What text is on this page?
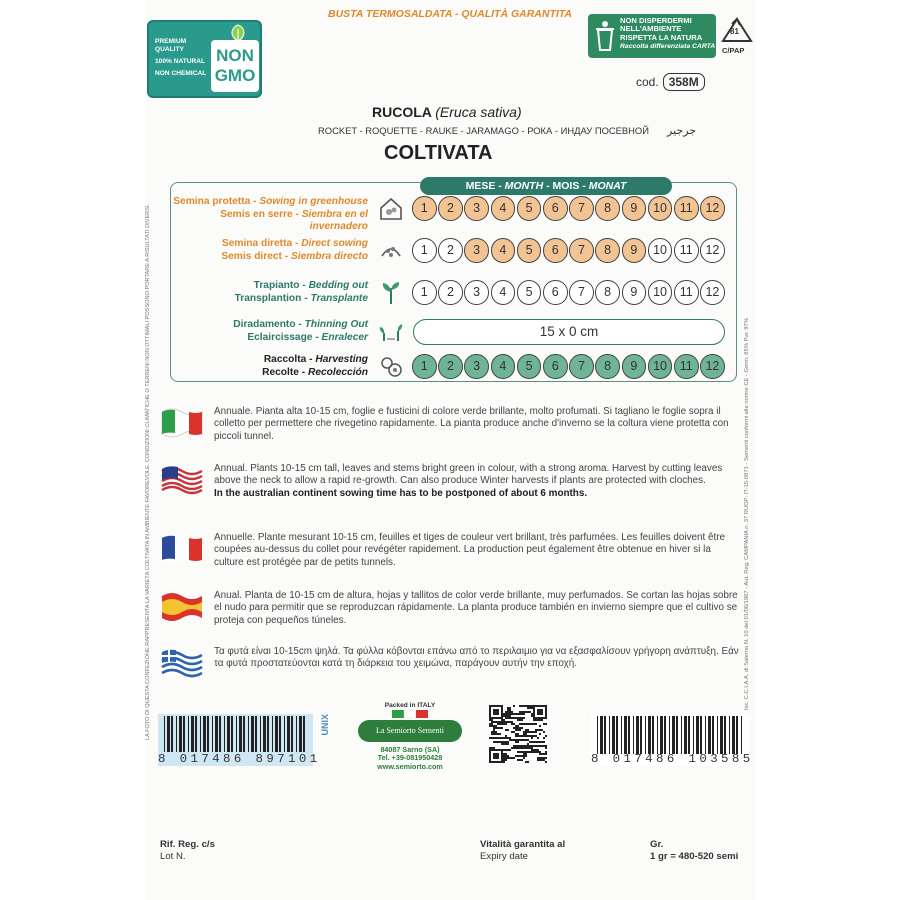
BUSTA TERMOSALDATA - QUALITÀ GARANTITA
PREMIUM QUALITY
100% NATURAL
NON CHEMICAL
NON
GMO
NON DISPERDERMI
NELL'AMBIENTE
RISPETTA LA NATURA
Raccolta differenziata CARTA
81
C/PAP
cod. 358M
RUCOLA (Eruca sativa)
ROCKET - ROQUETTE - RAUKE - JARAMAGO - РОКА - ИНДАУ ПОСЕВНОЙ جرجير
COLTIVATA
MESE - MONTH - MOIS - MONAT
Semina protetta - Sowing in greenhouse
Semis en serre - Siembra en el invernadero
1	2	3	4	5	6	7	8	9	10	11	12
Semina diretta - Direct sowing
Semis direct - Siembra directo	1	2	3	4	5	6	7	8	9	10	11	12
Trapianto - Bedding out
Transplantion - Transplante	1	2	3	4	5	6	7	8	9	10	11	12
Diradamento - Thinning Out
Eclaircissage - Enralecer	15 x 0 cm
Raccolta - Harvesting
Recolte - Recolección	1	2	3	4	5	6	7	8	9	10	11	12
Annuale. Pianta alta 10-15 cm, foglie e fusticini di colore verde brillante, molto profumati. Si tagliano le foglie sopra il colletto per permettere che rivegetino rapidamente. La pianta produce anche d'inverno se la coltura viene protetta con piccoli tunnel.
Annual. Plants 10-15 cm tall, leaves and stems bright green in colour, with a strong aroma. Harvest by cutting leaves above the neck to allow a rapid re-growth. Can also produce Winter harvests if plants are protected with cloches.
In the australian continent sowing time has to be postponed of about 6 months.
Annuelle. Plante mesurant 10-15 cm, feuilles et tiges de couleur vert brillant, très parfumées. Les feuilles doivent être coupées au-dessus du collet pour revégéter rapidement. La production peut également être obtenue en hiver si la culture est protégée par de petits tunnels.
Anual. Planta de 10-15 cm de altura, hojas y tallitos de color verde brillante, muy perfumados. Se cortan las hojas sobre el nudo para permitir que se reproduzcan rápidamente. La planta produce también en invierno siempre que el cultivo se proteja con pequeños túneles.
Τα φυτά είναι 10-15cm ψηλά. Τα φύλλα κόβονται επάνω από το περιλαιμιο για να εξασφαλίσουν γρήγορη ανάπτυξη. Εάν τα φυτά προστατεύονται κατά τη διάρκεια του χειμώνα, παράγουν αυτήν την εποχή.
LA FOTO DI QUESTA CONFEZIONE RAPPRESENTA LA VARIETÀ COLTIVATA IN AMBIENTE FAVOREVOLE. CONDIZIONI CLIMATICHE O TERRENI NON OTTIMALI POSSONO PORTARE A RISULTATI DIVERSI.	Isc. C.C.I.A.A. di Salerno N. 10 del 01/06/1987 - Aut. Reg. CAMPANIA n. 37 RUOP: IT-15-0871 - Sementi conformi alle norme CE - Germ. 85% Pur. 97%
8 017486 897101
UNIX
Packed in ITALY
La Semiorto Sementi
84087 Sarno (SA)
Tel. +39-081950428
www.semiorto.com
8 017486 103585
Rif. Reg. c/s
Lot N.
Vitalità garantita al
Expiry date
Gr.
1 gr = 480-520 semi
